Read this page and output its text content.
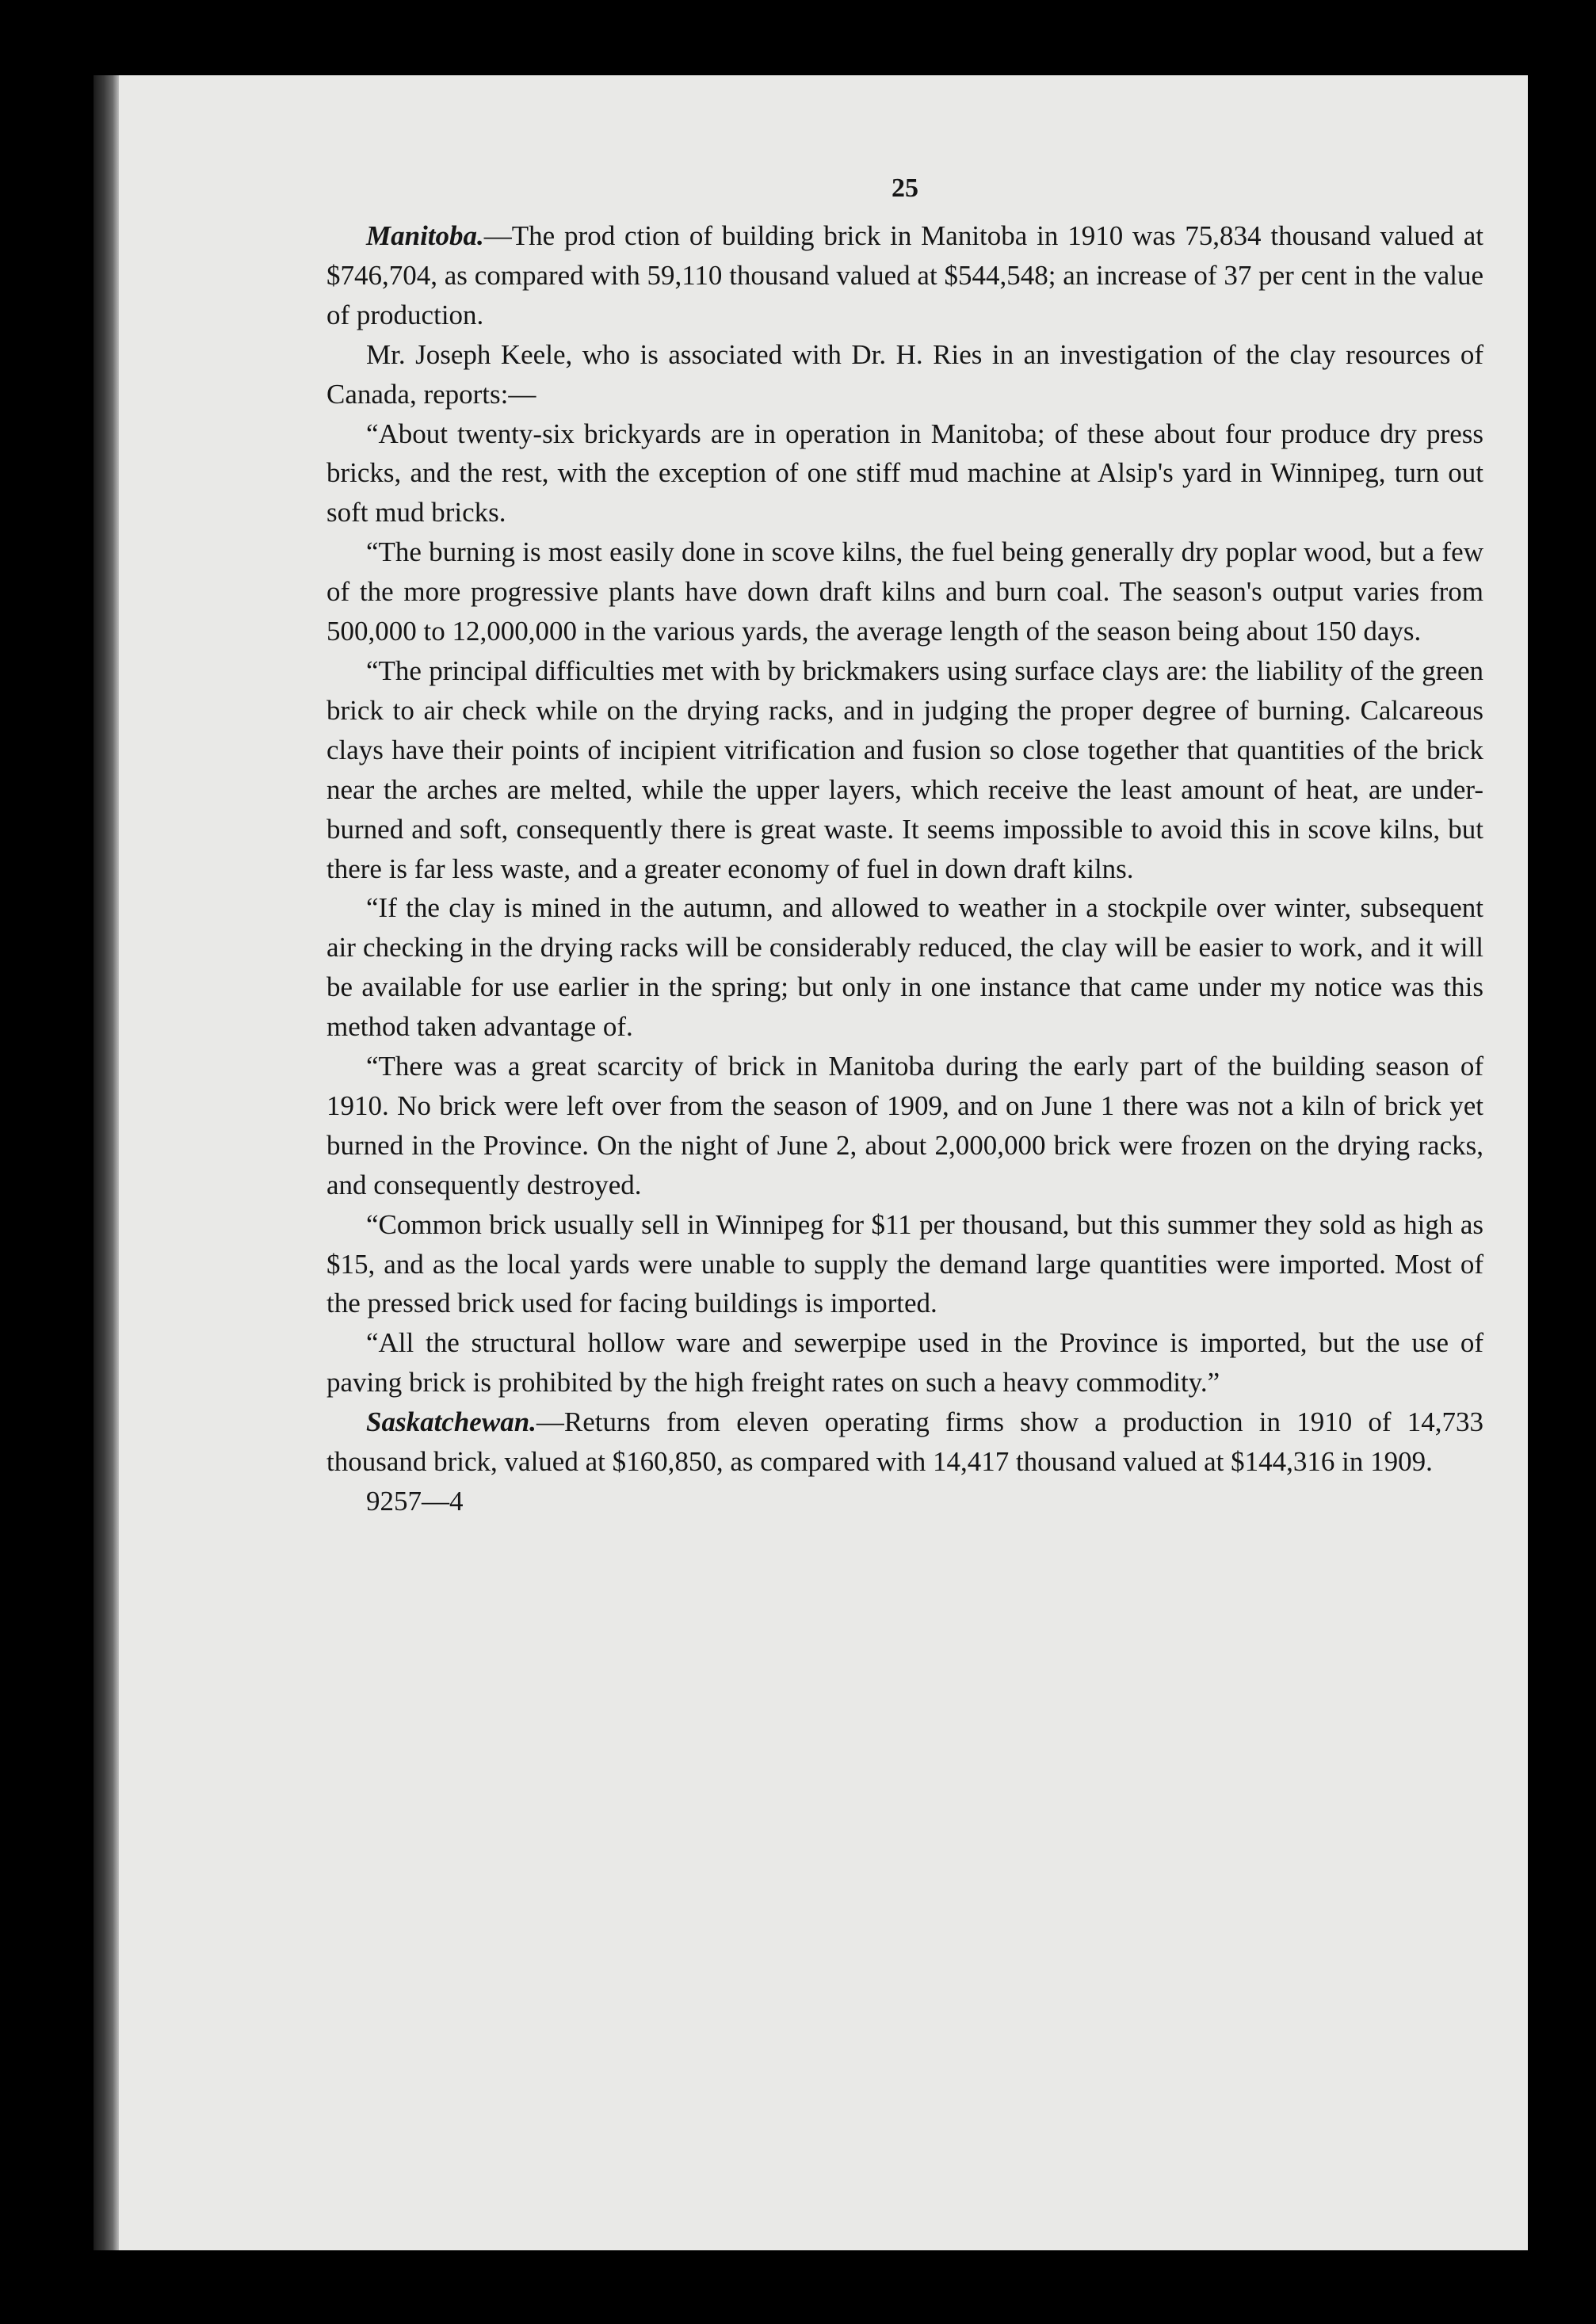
25

Manitoba.—The prod ction of building brick in Manitoba in 1910 was 75,834 thousand valued at $746,704, as compared with 59,110 thousand valued at $544,548; an increase of 37 per cent in the value of production.

Mr. Joseph Keele, who is associated with Dr. H. Ries in an investigation of the clay resources of Canada, reports:—

“About twenty-six brickyards are in operation in Manitoba; of these about four produce dry press bricks, and the rest, with the exception of one stiff mud machine at Alsip's yard in Winnipeg, turn out soft mud bricks.

“The burning is most easily done in scove kilns, the fuel being generally dry poplar wood, but a few of the more progressive plants have down draft kilns and burn coal. The season's output varies from 500,000 to 12,000,000 in the various yards, the average length of the season being about 150 days.

“The principal difficulties met with by brickmakers using surface clays are: the liability of the green brick to air check while on the drying racks, and in judging the proper degree of burning. Calcareous clays have their points of incipient vitrification and fusion so close together that quantities of the brick near the arches are melted, while the upper layers, which receive the least amount of heat, are under-burned and soft, consequently there is great waste. It seems impossible to avoid this in scove kilns, but there is far less waste, and a greater economy of fuel in down draft kilns.

“If the clay is mined in the autumn, and allowed to weather in a stockpile over winter, subsequent air checking in the drying racks will be considerably reduced, the clay will be easier to work, and it will be available for use earlier in the spring; but only in one instance that came under my notice was this method taken advantage of.

“There was a great scarcity of brick in Manitoba during the early part of the building season of 1910. No brick were left over from the season of 1909, and on June 1 there was not a kiln of brick yet burned in the Province. On the night of June 2, about 2,000,000 brick were frozen on the drying racks, and consequently destroyed.

“Common brick usually sell in Winnipeg for $11 per thousand, but this summer they sold as high as $15, and as the local yards were unable to supply the demand large quantities were imported. Most of the pressed brick used for facing buildings is imported.

“All the structural hollow ware and sewerpipe used in the Province is imported, but the use of paving brick is prohibited by the high freight rates on such a heavy commodity.”

Saskatchewan.—Returns from eleven operating firms show a production in 1910 of 14,733 thousand brick, valued at $160,850, as compared with 14,417 thousand valued at $144,316 in 1909.

9257—4
